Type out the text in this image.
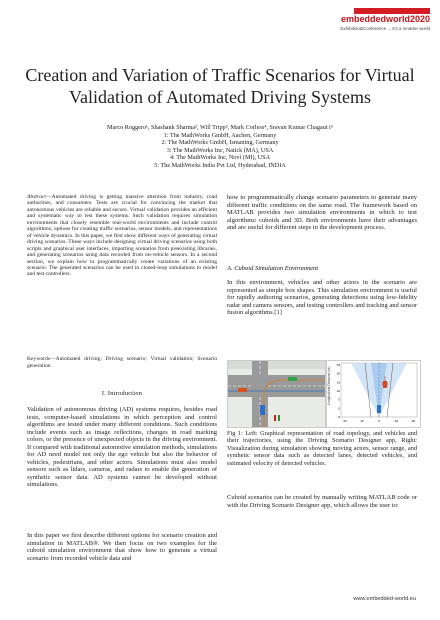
embeddedworld2020
Exhibition&Conference ... it's a smarter world
Creation and Variation of Traffic Scenarios for Virtual Validation of Automated Driving Systems
Marco Roggero¹, Shashank Sharma², Will Tripp³, Mark Corless⁴, Sravan Kumar Chagaut i⁵
1: The MathWorks GmbH, Aachen, Germany
2: The MathWorks GmbH, Ismaning, Germany
3: The MathWorks Inc, Natick (MA), USA
4: The MathWorks Inc, Novi (MI), USA
5: The MathWorks India Pvt Ltd, Hyderabad, INDIA
Abstract—Automated driving is getting massive attention from industry, road authorities, and consumers. Tests are crucial for convincing the market that autonomous vehicles are reliable and secure. Virtual validation provides an efficient and systematic way to test these systems. Such validation requires simulation environments that closely resemble real-world environments and include control algorithms, options for creating traffic scenarios, sensor models, and representations of vehicle dynamics. In this paper, we first show different ways of generating virtual driving scenarios. These ways include designing virtual driving scenarios using both scripts and graphical user interfaces, importing scenarios from preexisting libraries, and generating scenarios using data recorded from on-vehicle sensors. In a second section, we explain how to programmatically create variations of an existing scenario. The generated scenarios can be used in closed-loop simulations to model and test controllers.
Keywords—Automated driving; Driving scenario; Virtual validation; Scenario generation
I. Introduction
Validation of autonomous driving (AD) systems requires, besides road tests, computer-based simulations in which perception and control algorithms are tested under many different conditions. Such conditions include events such as image reflections, changes in road marking colors, or the presence of unexpected objects in the driving environment. If compared with traditional automotive simulation methods, simulations for AD need model not only the ego vehicle but also the behavior of vehicles, pedestrians, and other actors. Simulations must also model sensors such as lidars, cameras, and radars to enable the generation of synthetic sensor data. AD systems cannot be developed without simulations.
In this paper we first describe different options for scenario creation and simulation in MATLAB®. We then focus on two examples for the cuboid simulation environment that show how to generate a virtual scenario from recorded vehicle data and
how to programmatically change scenario parameters to generate many different traffic conditions on the same road. The framework based on MATLAB provides two simulation environments in which to test algorithms: cuboids and 3D. Both environments have their advantages and are useful for different steps in the development process.
A. Cuboid Simulation Environment
In this environment, vehicles and other actors in the scenario are represented as simple box shapes. This simulation environment is useful for rapidly authoring scenarios, generating detections using low-fidelity radar and camera sensors, and testing controllers and tracking and sensor fusion algorithms.[1]
Longitudinal Distance (m)
25
20
15
10
5
0
-5
20	10	0	-10	-20
Fig 1: Left: Graphical representation of road topology, and vehicles and their trajectories, using the Driving Scenario Designer app, Right: Visualization during simulation showing moving actors, sensor range, and synthetic sensor data such as detected lanes, detected vehicles, and estimated velocity of detected vehicles.
Cuboid scenarios can be created by manually writing MATLAB code or with the Driving Scenario Designer app, which allows the user to:
www.embedded-world.eu
